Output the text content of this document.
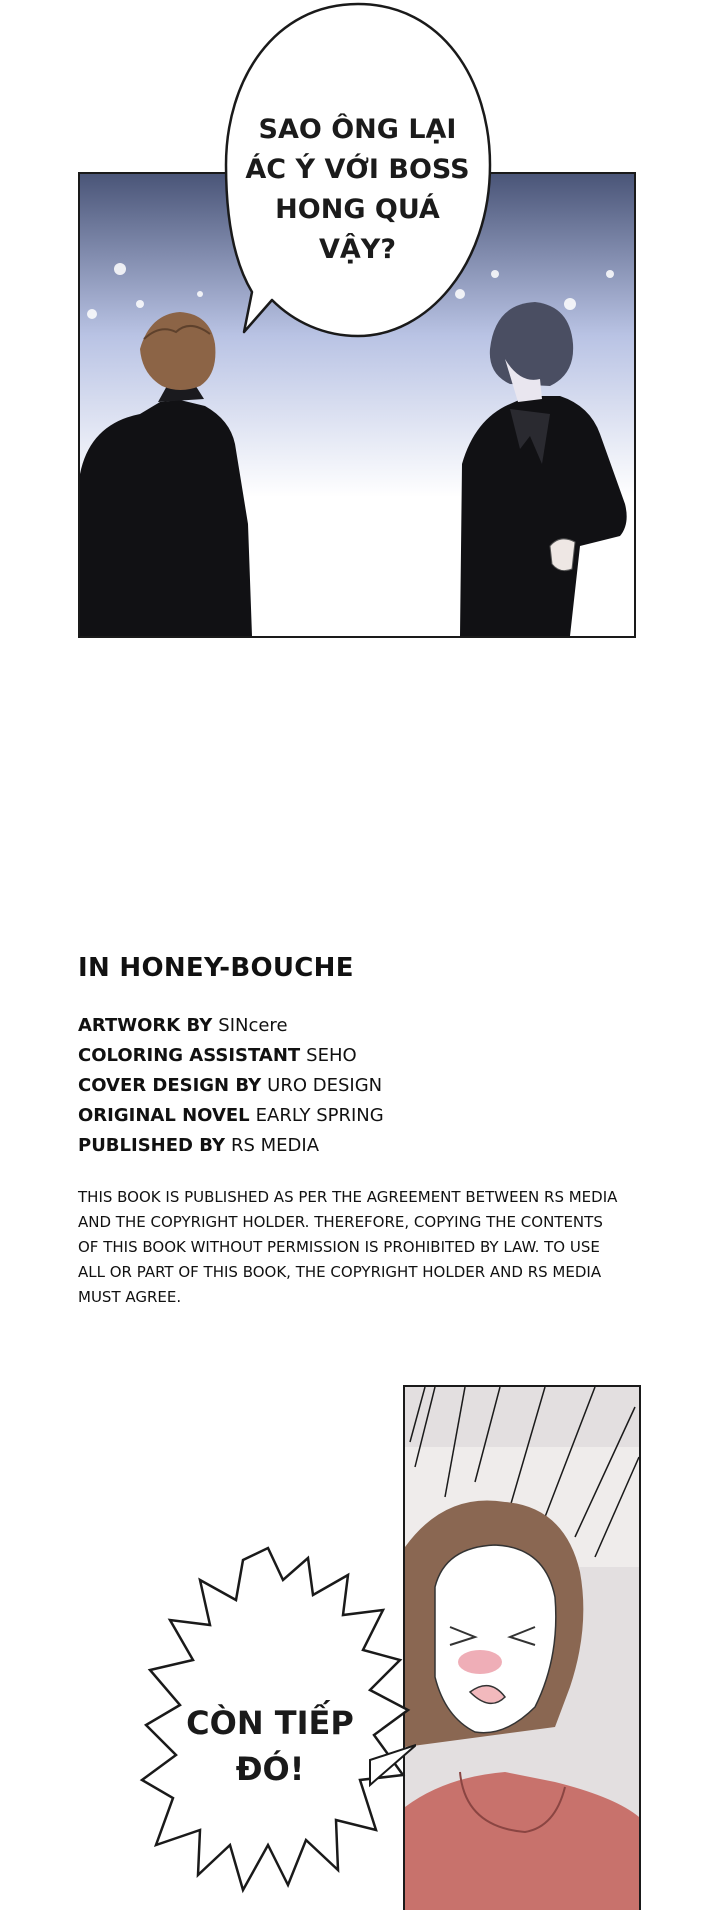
SAO ÔNG LẠI
ÁC Ý VỚI BOSS
HONG QUÁ
VẬY?
IN HONEY-BOUCHE
ARTWORK BY SINcere
COLORING ASSISTANT SEHO
COVER DESIGN BY URO DESIGN
ORIGINAL NOVEL EARLY SPRING
PUBLISHED BY RS MEDIA
THIS BOOK IS PUBLISHED AS PER THE AGREEMENT BETWEEN RS MEDIA AND THE COPYRIGHT HOLDER. THEREFORE, COPYING THE CONTENTS OF THIS BOOK WITHOUT PERMISSION IS PROHIBITED BY LAW. TO USE ALL OR PART OF THIS BOOK, THE COPYRIGHT HOLDER AND RS MEDIA MUST AGREE.
CÒN TIẾP
ĐÓ!
